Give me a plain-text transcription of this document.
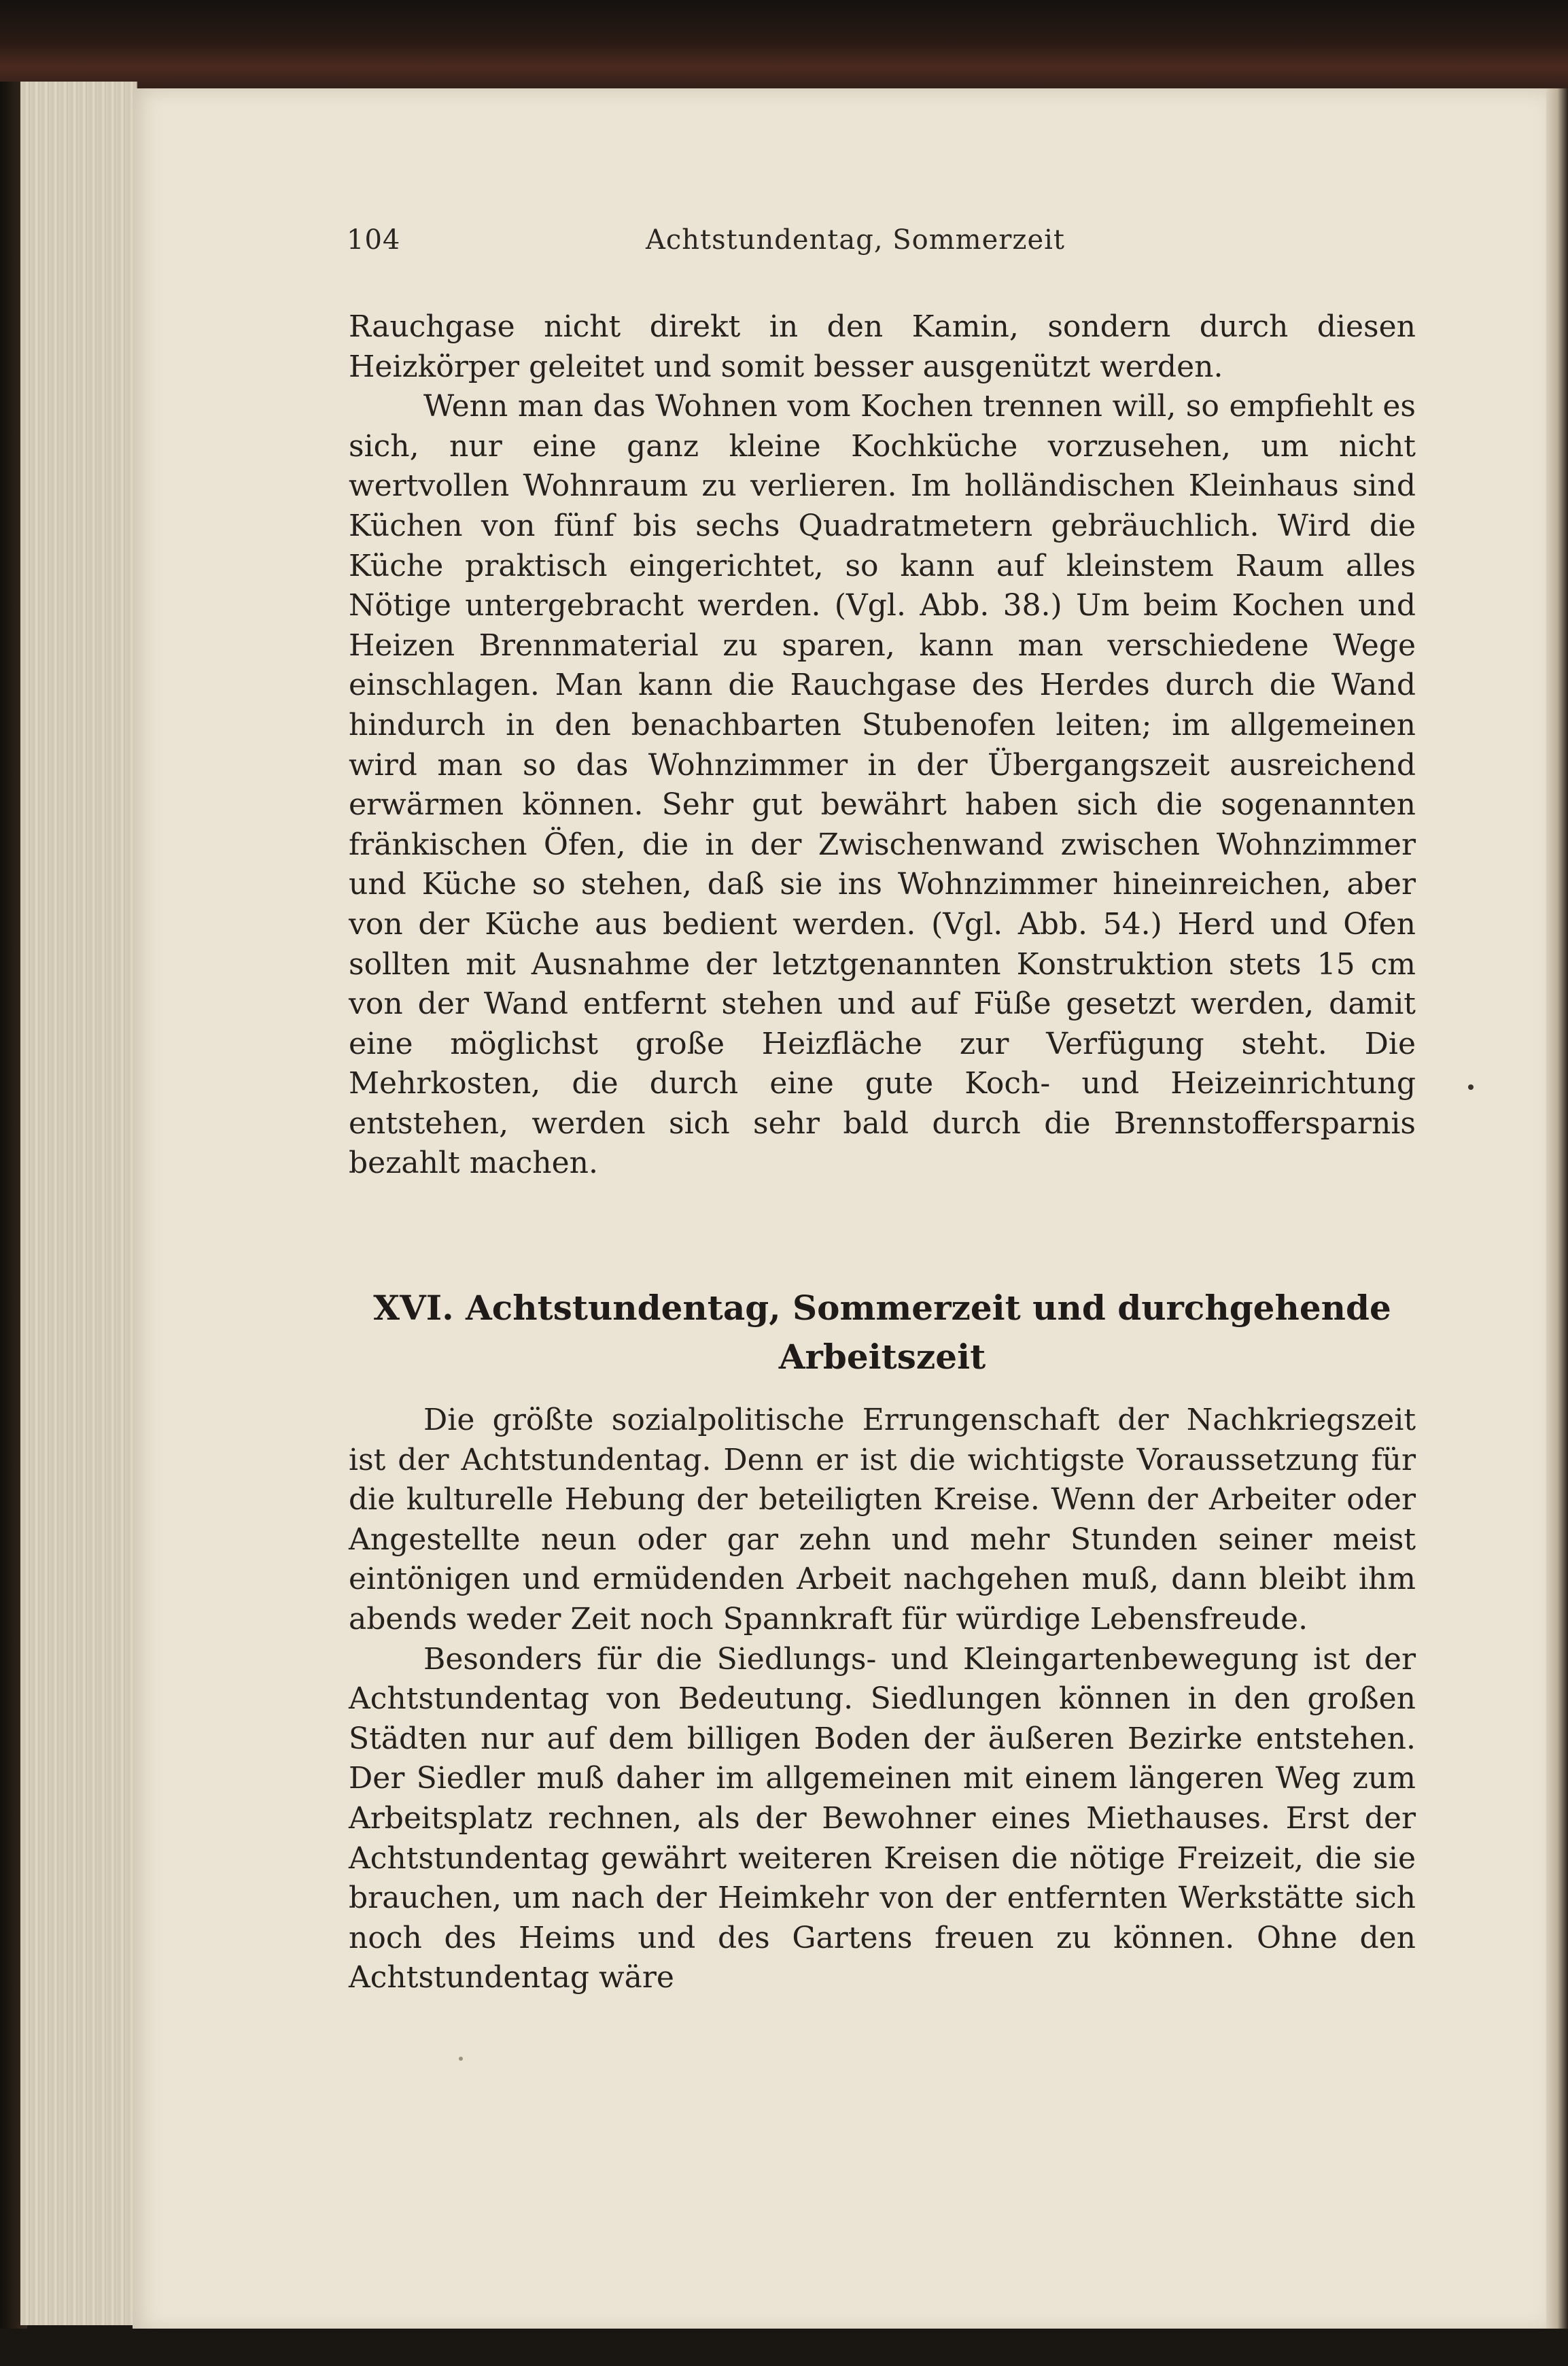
104	Achtstundentag, Sommerzeit

Rauchgase nicht direkt in den Kamin, sondern durch diesen Heizkörper geleitet und somit besser ausgenützt werden.

Wenn man das Wohnen vom Kochen trennen will, so empfiehlt es sich, nur eine ganz kleine Kochküche vorzusehen, um nicht wertvollen Wohnraum zu verlieren. Im holländischen Kleinhaus sind Küchen von fünf bis sechs Quadratmetern gebräuchlich. Wird die Küche praktisch eingerichtet, so kann auf kleinstem Raum alles Nötige untergebracht werden. (Vgl. Abb. 38.) Um beim Kochen und Heizen Brennmaterial zu sparen, kann man verschiedene Wege einschlagen. Man kann die Rauchgase des Herdes durch die Wand hindurch in den benachbarten Stubenofen leiten; im allgemeinen wird man so das Wohnzimmer in der Übergangszeit ausreichend erwärmen können. Sehr gut bewährt haben sich die sogenannten fränkischen Öfen, die in der Zwischenwand zwischen Wohnzimmer und Küche so stehen, daß sie ins Wohnzimmer hineinreichen, aber von der Küche aus bedient werden. (Vgl. Abb. 54.) Herd und Ofen sollten mit Ausnahme der letztgenannten Konstruktion stets 15 cm von der Wand entfernt stehen und auf Füße gesetzt werden, damit eine möglichst große Heizfläche zur Verfügung steht. Die Mehrkosten, die durch eine gute Koch- und Heizeinrichtung entstehen, werden sich sehr bald durch die Brennstoffersparnis bezahlt machen.

XVI. Achtstundentag, Sommerzeit und durchgehende
Arbeitszeit

Die größte sozialpolitische Errungenschaft der Nachkriegszeit ist der Achtstundentag. Denn er ist die wichtigste Voraussetzung für die kulturelle Hebung der beteiligten Kreise. Wenn der Arbeiter oder Angestellte neun oder gar zehn und mehr Stunden seiner meist eintönigen und ermüdenden Arbeit nachgehen muß, dann bleibt ihm abends weder Zeit noch Spannkraft für würdige Lebensfreude.

Besonders für die Siedlungs- und Kleingartenbewegung ist der Achtstundentag von Bedeutung. Siedlungen können in den großen Städten nur auf dem billigen Boden der äußeren Bezirke entstehen. Der Siedler muß daher im allgemeinen mit einem längeren Weg zum Arbeitsplatz rechnen, als der Bewohner eines Miethauses. Erst der Achtstundentag gewährt weiteren Kreisen die nötige Freizeit, die sie brauchen, um nach der Heimkehr von der entfernten Werkstätte sich noch des Heims und des Gartens freuen zu können. Ohne den Achtstundentag wäre
